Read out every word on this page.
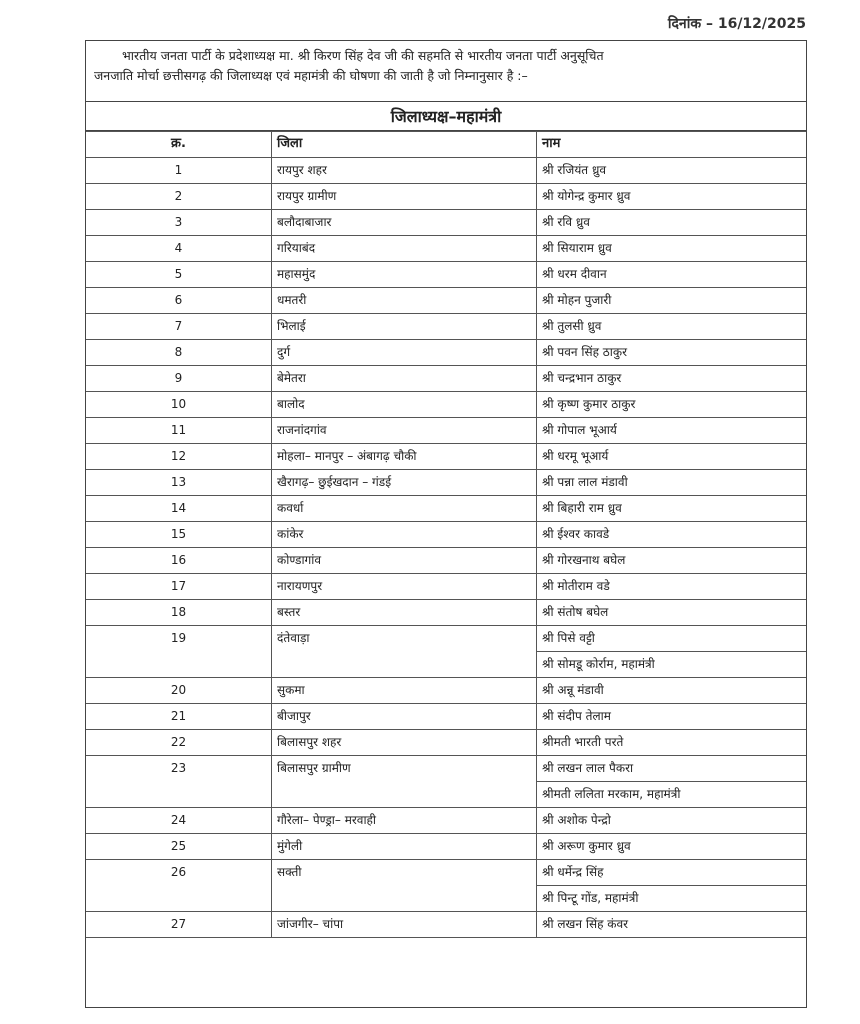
दिनांक – 16/12/2025
भारतीय जनता पार्टी के प्रदेशाध्यक्ष मा. श्री किरण सिंह देव जी की सहमति से भारतीय जनता पार्टी अनुसूचित
जनजाति मोर्चा छत्तीसगढ़ की जिलाध्यक्ष एवं महामंत्री की घोषणा की जाती है जो निम्नानुसार है :–
जिलाध्यक्ष–महामंत्री
क्र.	जिला	नाम
1	रायपुर शहर	श्री रजियंत ध्रुव
2	रायपुर ग्रामीण	श्री योगेन्द्र कुमार ध्रुव
3	बलौदाबाजार	श्री रवि ध्रुव
4	गरियाबंद	श्री सियाराम ध्रुव
5	महासमुंद	श्री धरम दीवान
6	धमतरी	श्री मोहन पुजारी
7	भिलाई	श्री तुलसी ध्रुव
8	दुर्ग	श्री पवन सिंह ठाकुर
9	बेमेतरा	श्री चन्द्रभान ठाकुर
10	बालोद	श्री कृष्ण कुमार ठाकुर
11	राजनांदगांव	श्री गोपाल भूआर्य
12	मोहला– मानपुर – अंबागढ़ चौकी	श्री धरमू भूआर्य
13	खैरागढ़– छुईखदान – गंडई	श्री पन्ना लाल मंडावी
14	कवर्धा	श्री बिहारी राम ध्रुव
15	कांकेर	श्री ईश्वर कावडे
16	कोण्डागांव	श्री गोरखनाथ बघेल
17	नारायणपुर	श्री मोतीराम वडे
18	बस्तर	श्री संतोष बघेल
19	दंतेवाड़ा	श्री पिसे वट्टी
		श्री सोमडू कोर्राम, महामंत्री
20	सुकमा	श्री अन्नू मंडावी
21	बीजापुर	श्री संदीप तेलाम
22	बिलासपुर शहर	श्रीमती भारती परते
23	बिलासपुर ग्रामीण	श्री लखन लाल पैकरा
		श्रीमती ललिता मरकाम, महामंत्री
24	गौरेला– पेण्ड्रा– मरवाही	श्री अशोक पेन्द्रो
25	मुंगेली	श्री अरूण कुमार ध्रुव
26	सक्ती	श्री धर्मेन्द्र सिंह
		श्री पिन्टू गोंड, महामंत्री
27	जांजगीर– चांपा	श्री लखन सिंह कंवर
